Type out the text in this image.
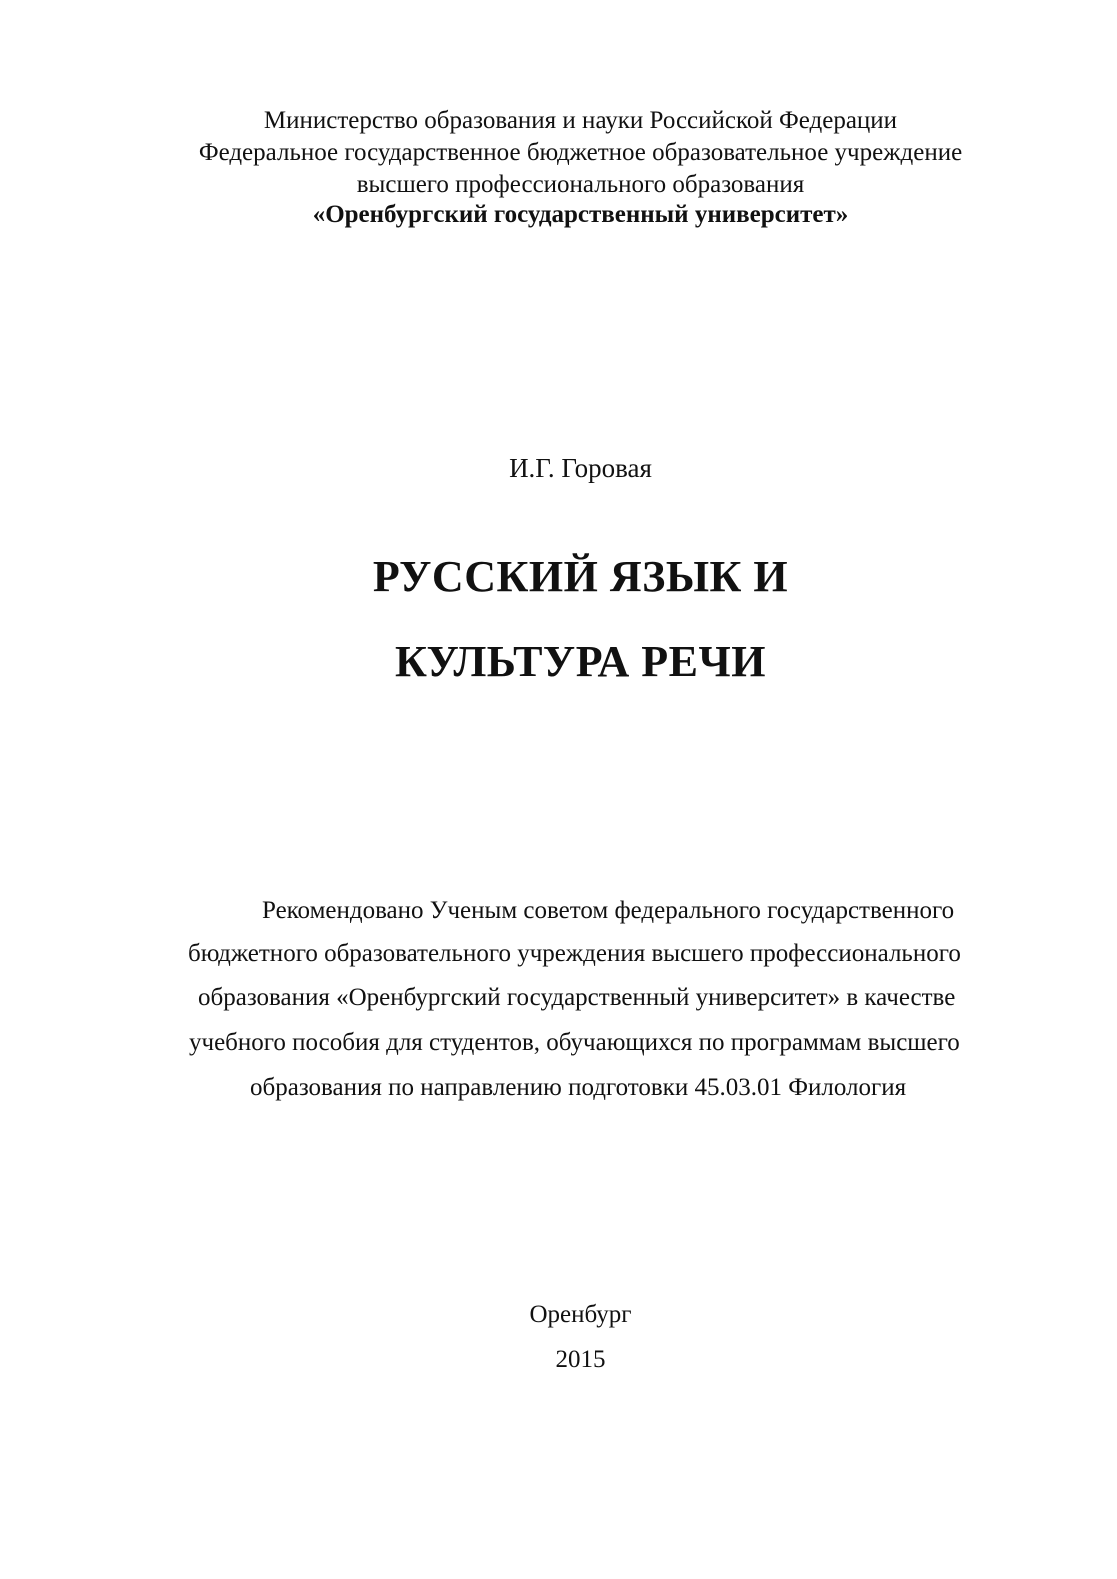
Министерство образования и науки Российской Федерации
Федеральное государственное бюджетное образовательное учреждение
высшего профессионального образования
«Оренбургский государственный университет»
И.Г. Горовая
РУССКИЙ ЯЗЫК И
КУЛЬТУРА РЕЧИ
Рекомендовано Ученым советом федерального государственного
бюджетного образовательного учреждения высшего профессионального
образования «Оренбургский государственный университет» в качестве
учебного пособия для студентов, обучающихся по программам высшего
образования по направлению подготовки 45.03.01 Филология
Оренбург
2015
